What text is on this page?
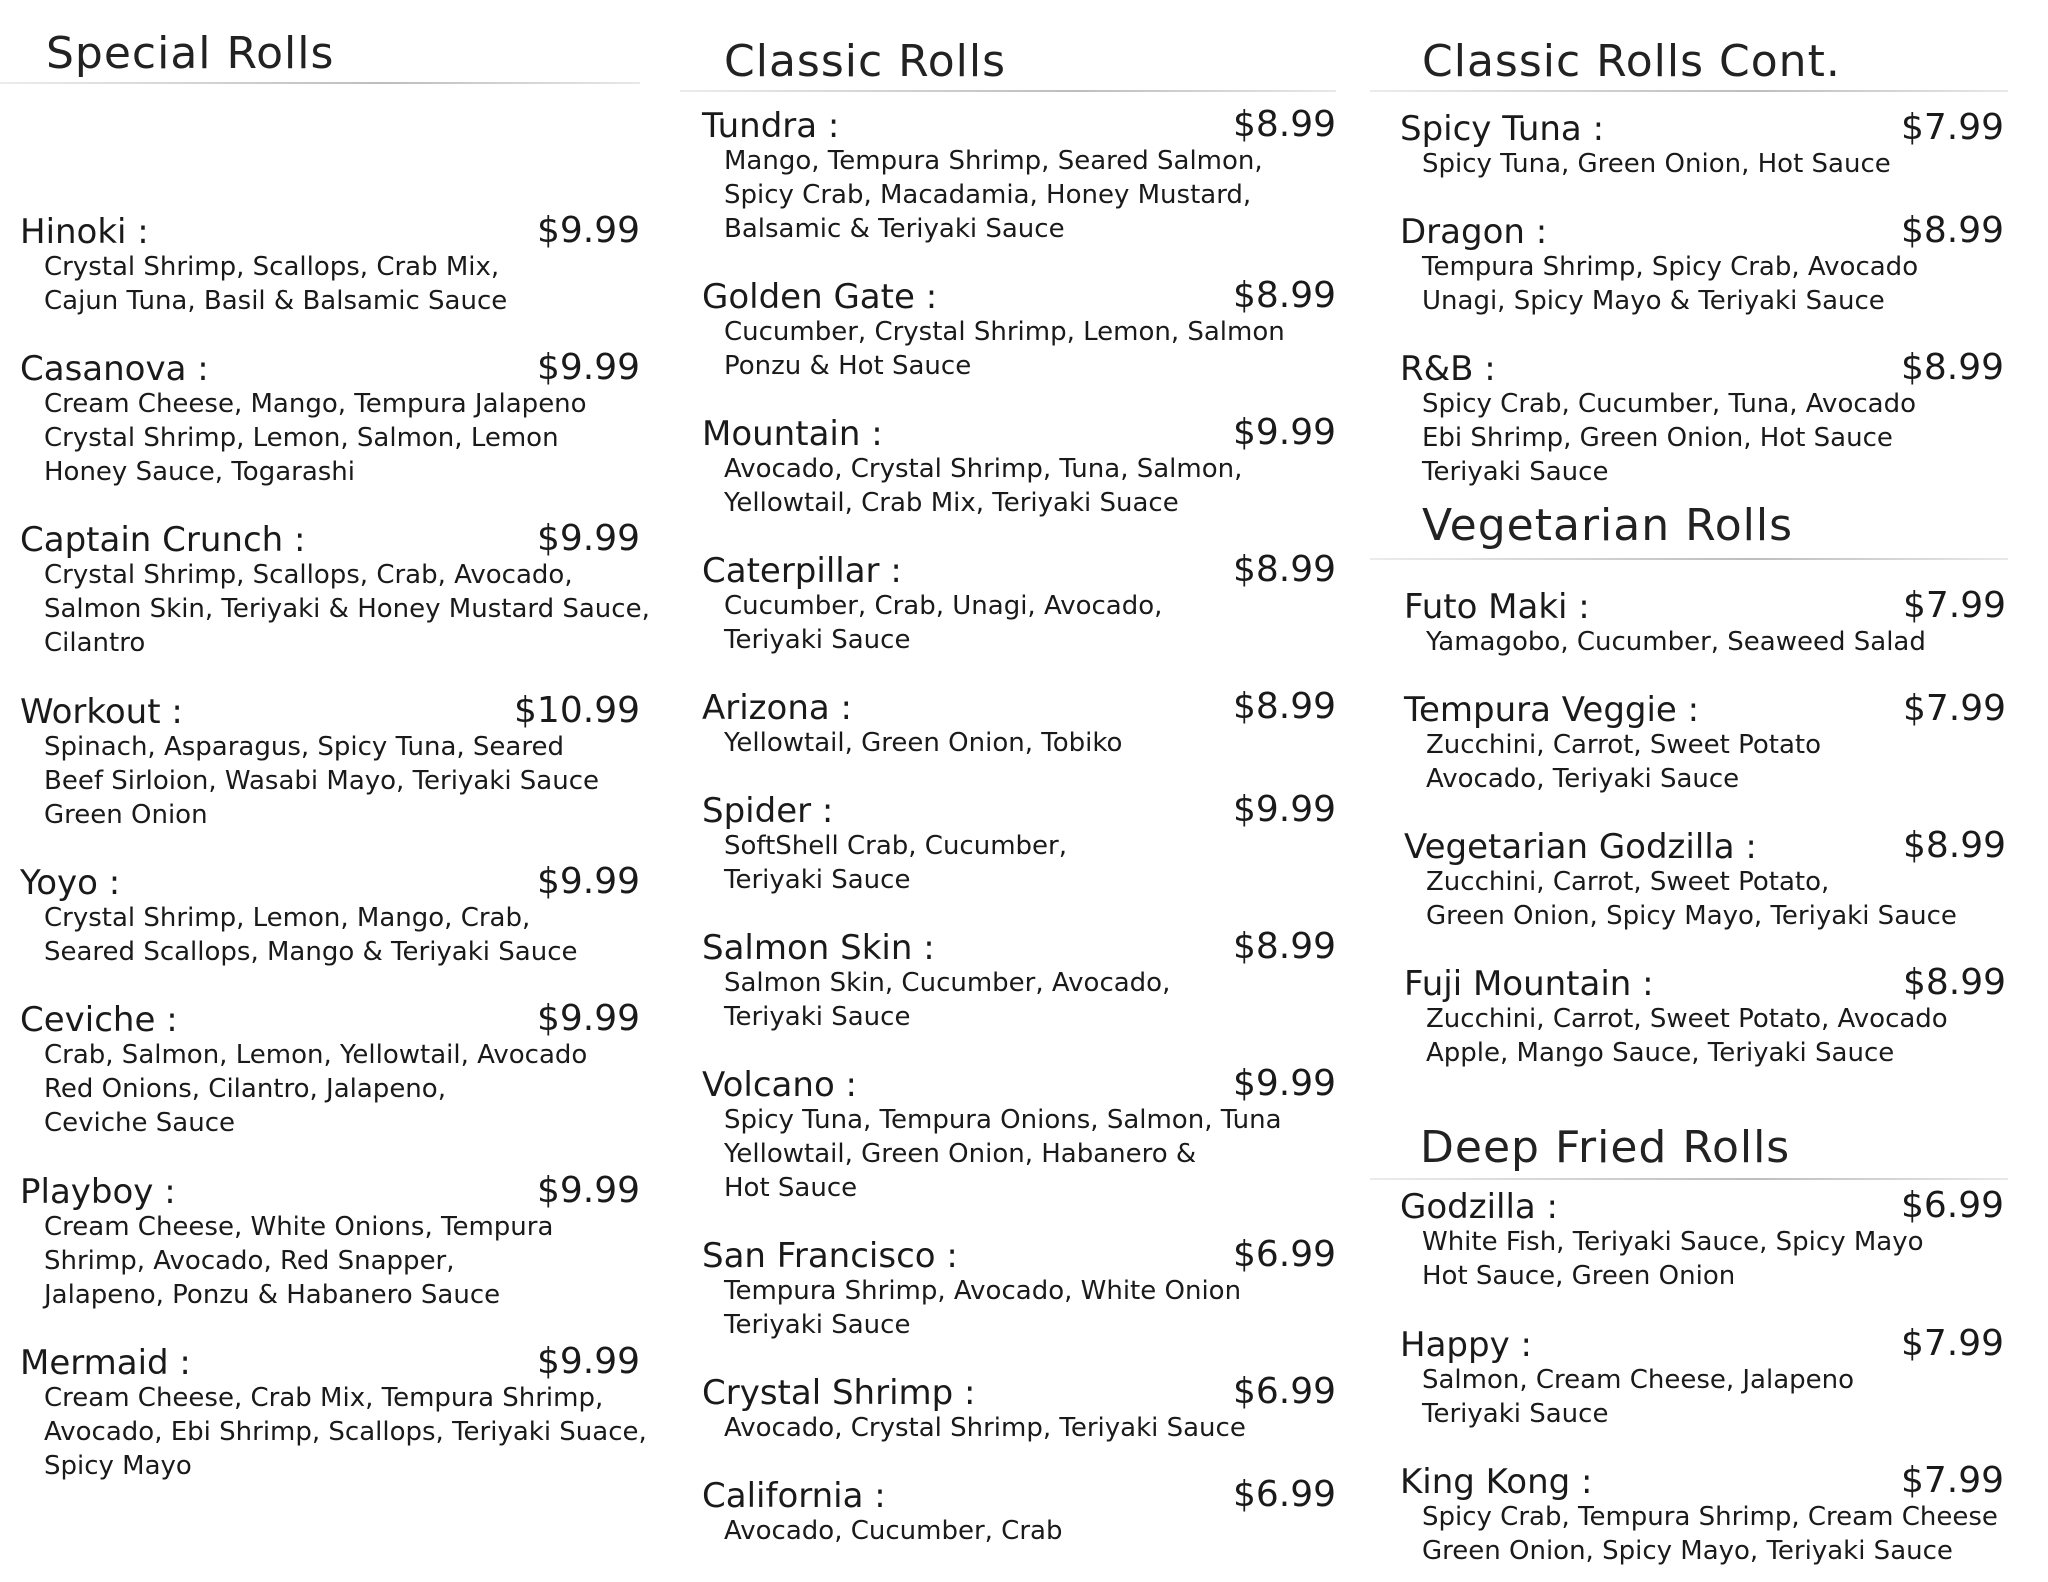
Special Rolls
Hinoki :	$9.99
Crystal Shrimp, Scallops, Crab Mix,
Cajun Tuna, Basil & Balsamic Sauce
Casanova :	$9.99
Cream Cheese, Mango, Tempura Jalapeno
Crystal Shrimp, Lemon, Salmon, Lemon
Honey Sauce, Togarashi
Captain Crunch :	$9.99
Crystal Shrimp, Scallops, Crab, Avocado,
Salmon Skin, Teriyaki & Honey Mustard Sauce,
Cilantro
Workout :	$10.99
Spinach, Asparagus, Spicy Tuna, Seared
Beef Sirloion, Wasabi Mayo, Teriyaki Sauce
Green Onion
Yoyo :	$9.99
Crystal Shrimp, Lemon, Mango, Crab,
Seared Scallops, Mango & Teriyaki Sauce
Ceviche :	$9.99
Crab, Salmon, Lemon, Yellowtail, Avocado
Red Onions, Cilantro, Jalapeno,
Ceviche Sauce
Playboy :	$9.99
Cream Cheese, White Onions, Tempura
Shrimp, Avocado, Red Snapper,
Jalapeno, Ponzu & Habanero Sauce
Mermaid :	$9.99
Cream Cheese, Crab Mix, Tempura Shrimp,
Avocado, Ebi Shrimp, Scallops, Teriyaki Suace,
Spicy Mayo
Classic Rolls
Tundra :	$8.99
Mango, Tempura Shrimp, Seared Salmon,
Spicy Crab, Macadamia, Honey Mustard,
Balsamic & Teriyaki Sauce
Golden Gate :	$8.99
Cucumber, Crystal Shrimp, Lemon, Salmon
Ponzu & Hot Sauce
Mountain :	$9.99
Avocado, Crystal Shrimp, Tuna, Salmon,
Yellowtail, Crab Mix, Teriyaki Suace
Caterpillar :	$8.99
Cucumber, Crab, Unagi, Avocado,
Teriyaki Sauce
Arizona :	$8.99
Yellowtail, Green Onion, Tobiko
Spider :	$9.99
SoftShell Crab, Cucumber,
Teriyaki Sauce
Salmon Skin :	$8.99
Salmon Skin, Cucumber, Avocado,
Teriyaki Sauce
Volcano :	$9.99
Spicy Tuna, Tempura Onions, Salmon, Tuna
Yellowtail, Green Onion, Habanero &
Hot Sauce
San Francisco :	$6.99
Tempura Shrimp, Avocado, White Onion
Teriyaki Sauce
Crystal Shrimp :	$6.99
Avocado, Crystal Shrimp, Teriyaki Sauce
California :	$6.99
Avocado, Cucumber, Crab
Classic Rolls Cont.
Vegetarian Rolls
Deep Fried Rolls
Spicy Tuna :	$7.99
Spicy Tuna, Green Onion, Hot Sauce
Dragon :	$8.99
Tempura Shrimp, Spicy Crab, Avocado
Unagi, Spicy Mayo & Teriyaki Sauce
R&B :	$8.99
Spicy Crab, Cucumber, Tuna, Avocado
Ebi Shrimp, Green Onion, Hot Sauce
Teriyaki Sauce
Futo Maki :	$7.99
Yamagobo, Cucumber, Seaweed Salad
Tempura Veggie :	$7.99
Zucchini, Carrot, Sweet Potato
Avocado, Teriyaki Sauce
Vegetarian Godzilla :	$8.99
Zucchini, Carrot, Sweet Potato,
Green Onion, Spicy Mayo, Teriyaki Sauce
Fuji Mountain :	$8.99
Zucchini, Carrot, Sweet Potato, Avocado
Apple, Mango Sauce, Teriyaki Sauce
Godzilla :	$6.99
White Fish, Teriyaki Sauce, Spicy Mayo
Hot Sauce, Green Onion
Happy :	$7.99
Salmon, Cream Cheese, Jalapeno
Teriyaki Sauce
King Kong :	$7.99
Spicy Crab, Tempura Shrimp, Cream Cheese
Green Onion, Spicy Mayo, Teriyaki Sauce
